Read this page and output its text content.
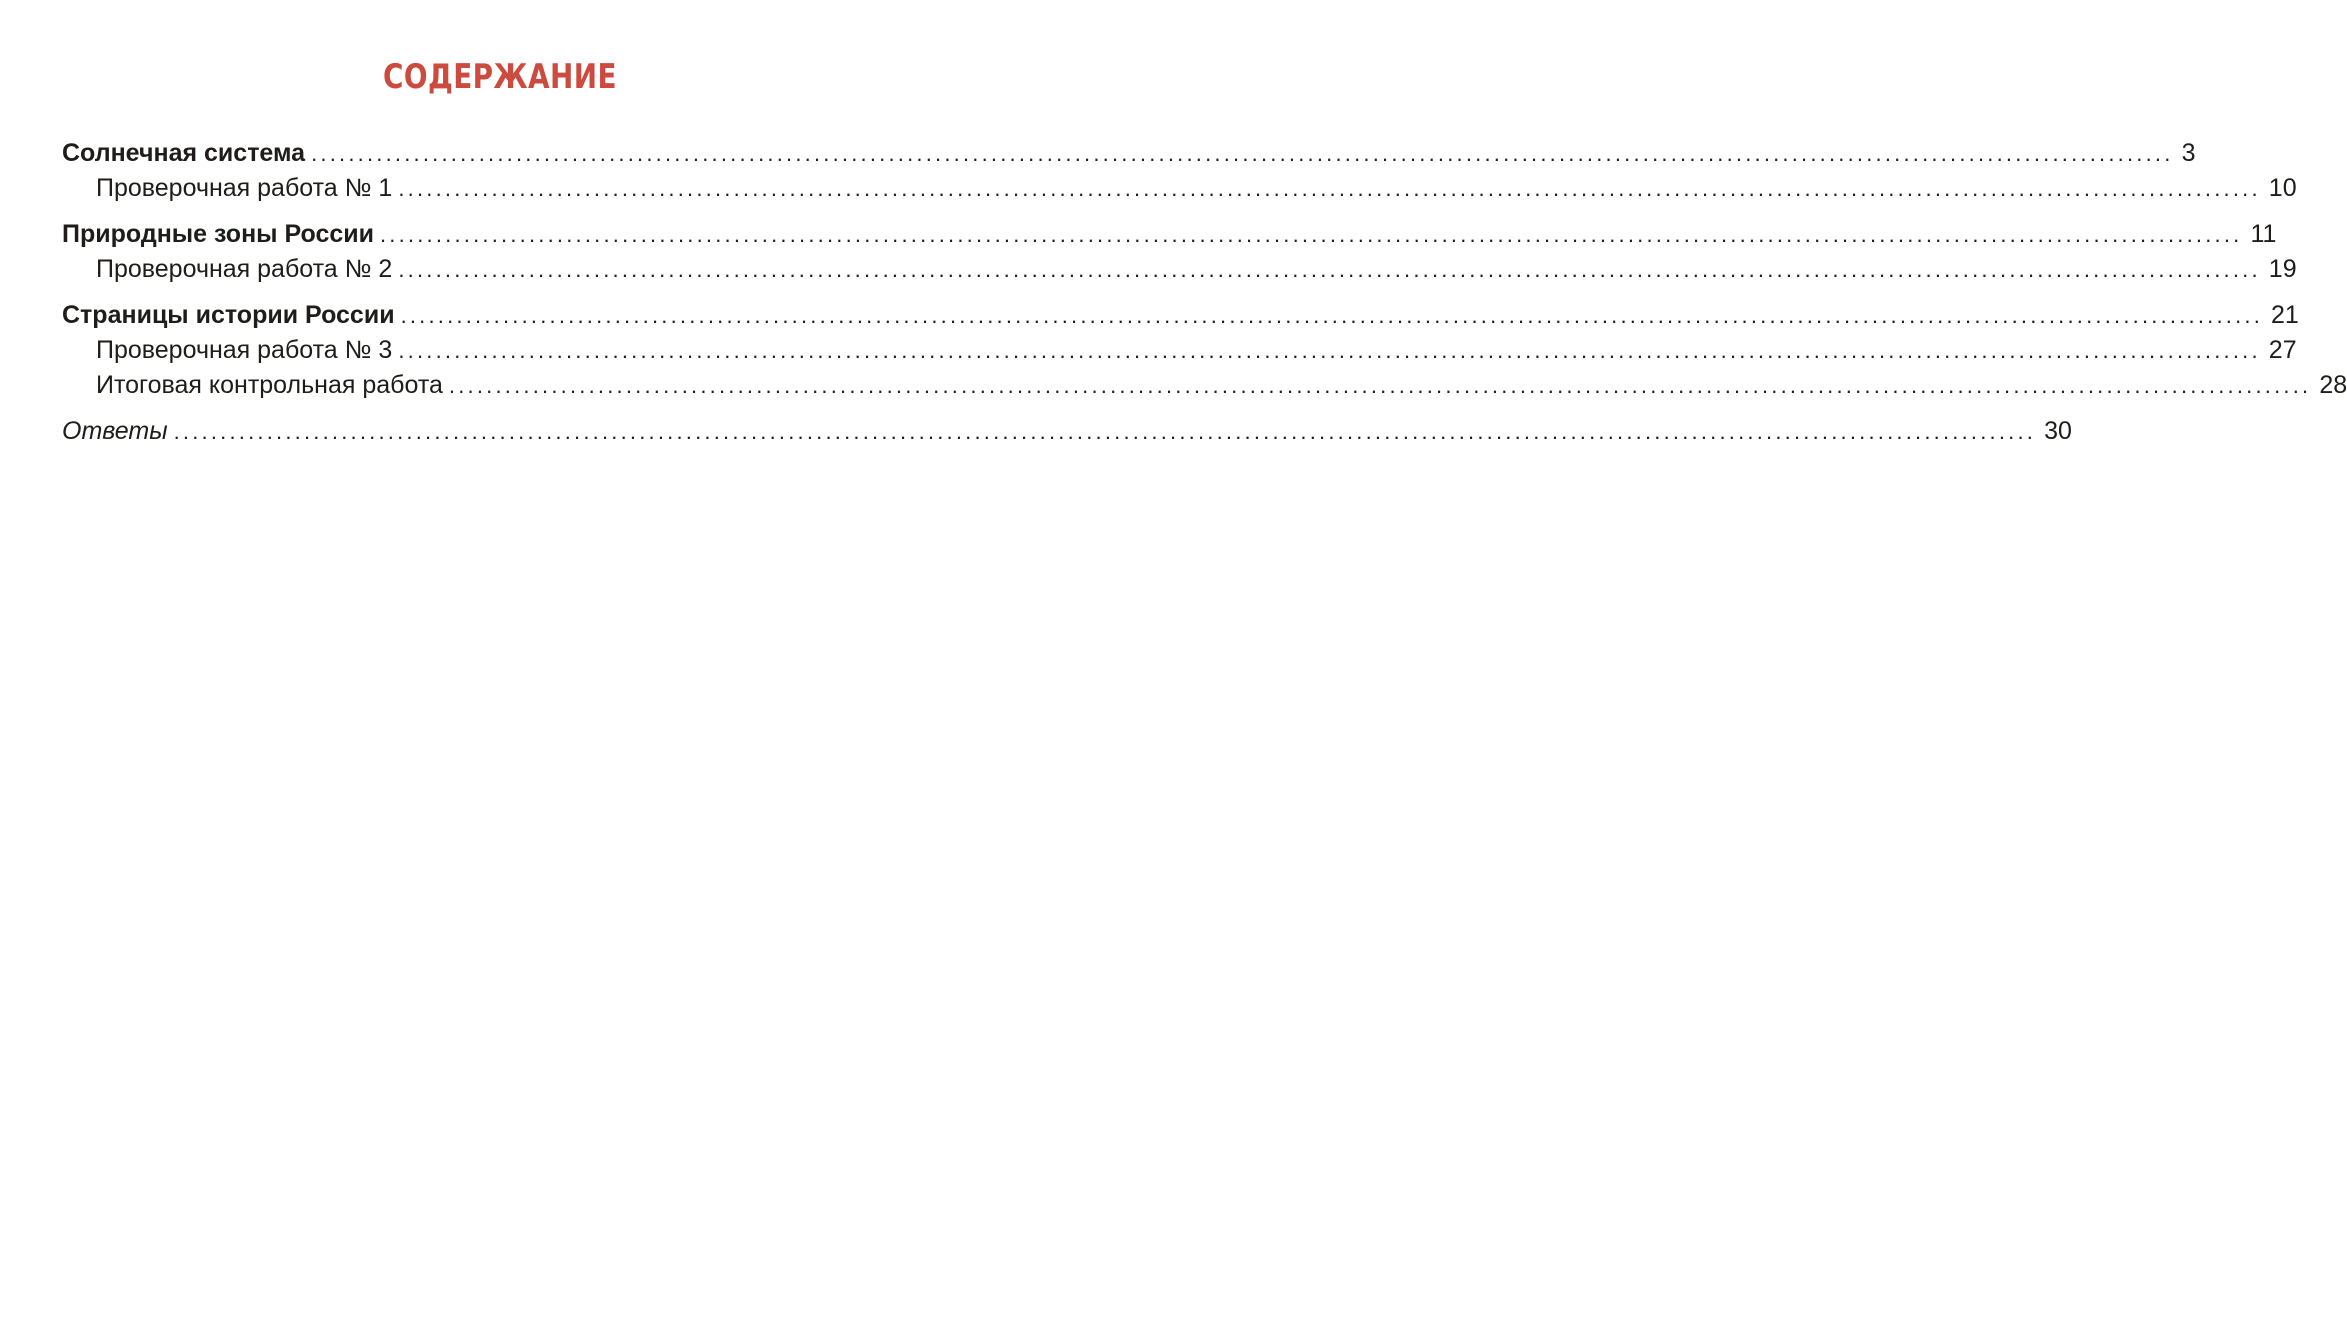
СОДЕРЖАНИЕ
Солнечная система ........................................................................................................................................................................................................ 3
Проверочная работа № 1 ........................................................................................................................................................................................................ 10
Природные зоны России ........................................................................................................................................................................................................ 11
Проверочная работа № 2 ........................................................................................................................................................................................................ 19
Страницы истории России ........................................................................................................................................................................................................ 21
Проверочная работа № 3 ........................................................................................................................................................................................................ 27
Итоговая контрольная работа ........................................................................................................................................................................................................ 28
Ответы ........................................................................................................................................................................................................ 30
